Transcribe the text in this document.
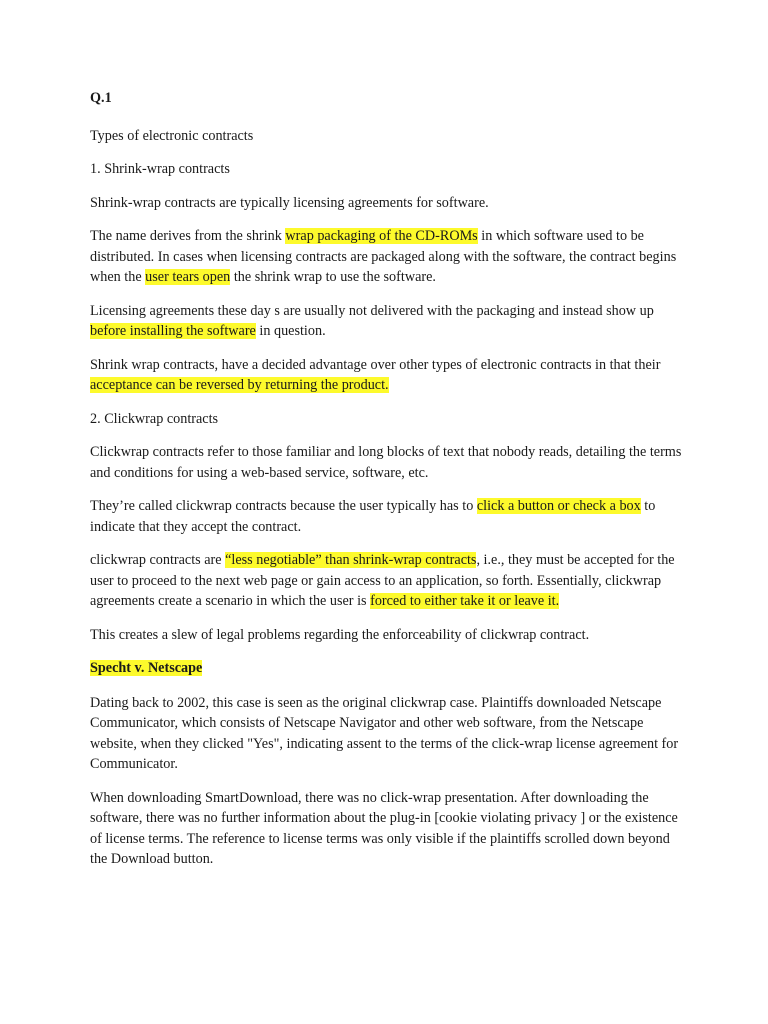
Q.1

Types of electronic contracts

1. Shrink-wrap contracts

Shrink-wrap contracts are typically licensing agreements for software.

The name derives from the shrink wrap packaging of the CD-ROMs in which software used to be distributed. In cases when licensing contracts are packaged along with the software, the contract begins when the user tears open the shrink wrap to use the software.

Licensing agreements these day s are usually not delivered with the packaging and instead show up before installing the software in question.

Shrink wrap contracts, have a decided advantage over other types of electronic contracts in that their acceptance can be reversed by returning the product.

2. Clickwrap contracts

Clickwrap contracts refer to those familiar and long blocks of text that nobody reads, detailing the terms and conditions for using a web-based service, software, etc.

They’re called clickwrap contracts because the user typically has to click a button or check a box to indicate that they accept the contract.

clickwrap contracts are “less negotiable” than shrink-wrap contracts, i.e., they must be accepted for the user to proceed to the next web page or gain access to an application, so forth. Essentially, clickwrap agreements create a scenario in which the user is forced to either take it or leave it.

This creates a slew of legal problems regarding the enforceability of clickwrap contract.

Specht v. Netscape

Dating back to 2002, this case is seen as the original clickwrap case. Plaintiffs downloaded Netscape Communicator, which consists of Netscape Navigator and other web software, from the Netscape website, when they clicked "Yes", indicating assent to the terms of the click-wrap license agreement for Communicator.

When downloading SmartDownload, there was no click-wrap presentation. After downloading the software, there was no further information about the plug-in [cookie violating privacy ] or the existence of license terms. The reference to license terms was only visible if the plaintiffs scrolled down beyond the Download button.
